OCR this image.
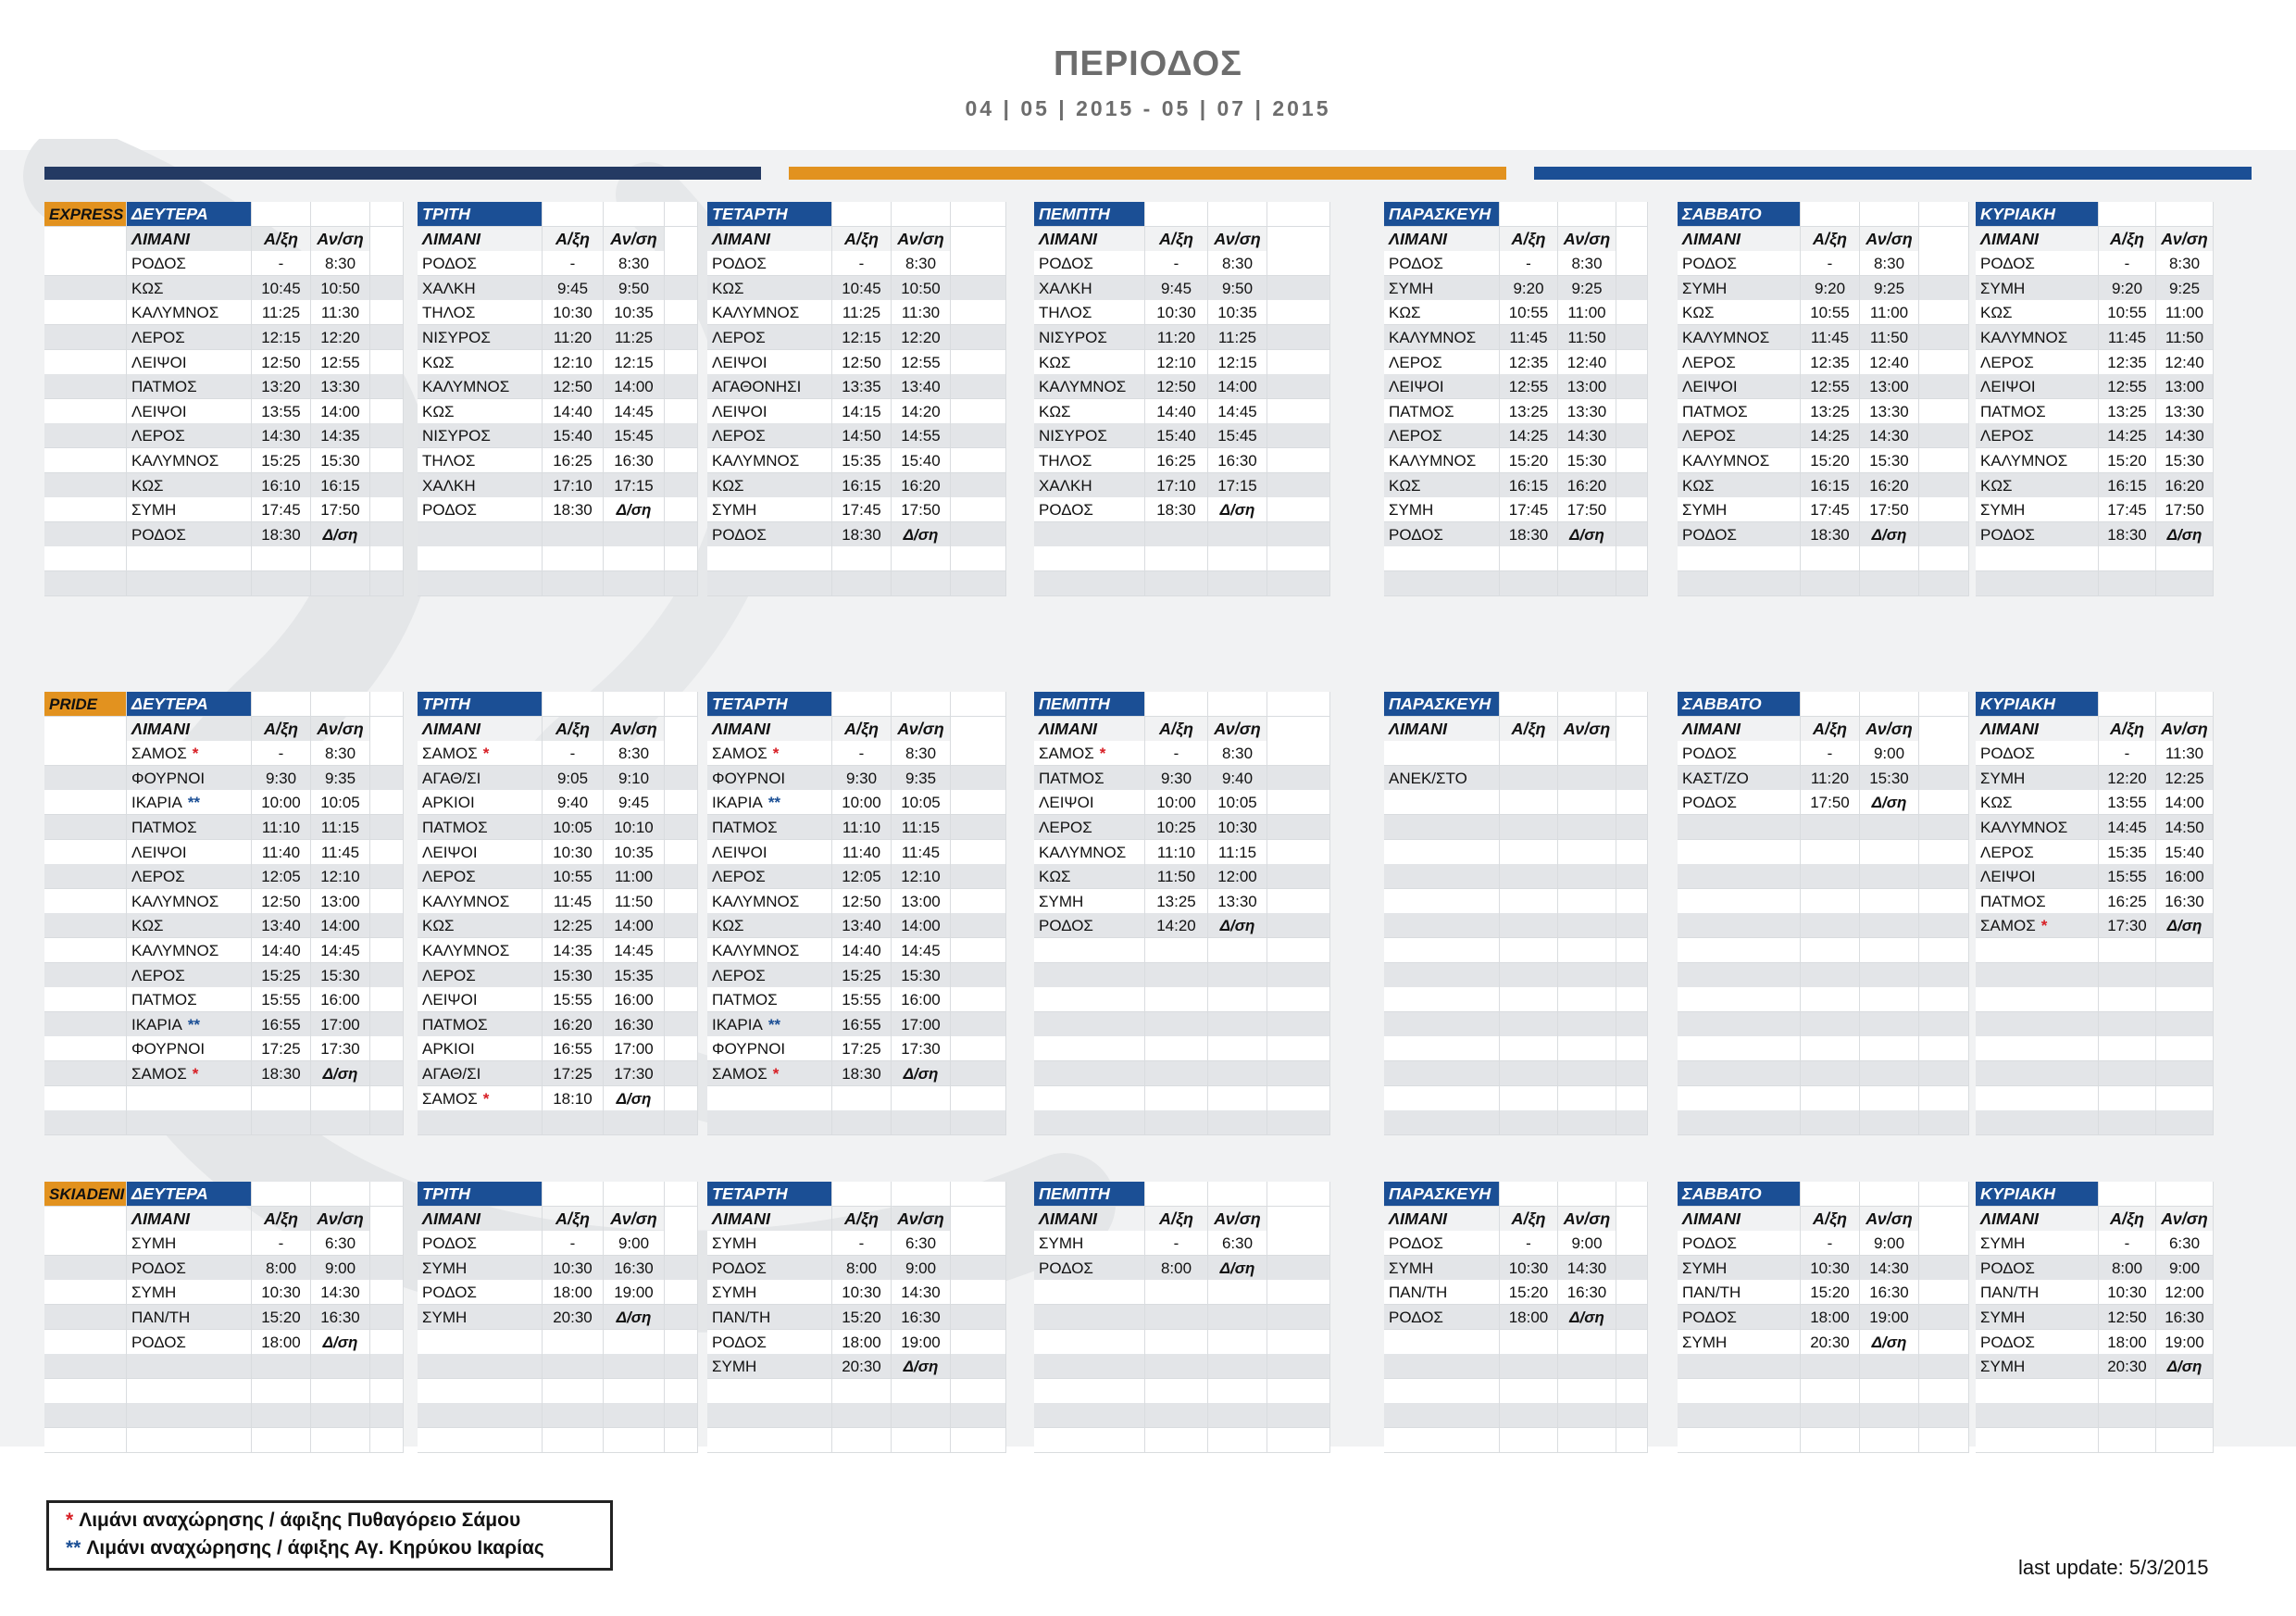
ΠΕΡΙΟΔΟΣ
04 | 05 | 2015 - 05 | 07 | 2015
EXPRESS ΔΕΥΤΕΡΑ
ΛΙΜΑΝΙ	Α/ξη	Αν/ση
ΡΟΔΟΣ	-	8:30
ΚΩΣ	10:45	10:50
ΚΑΛΥΜΝΟΣ	11:25	11:30
ΛΕΡΟΣ	12:15	12:20
ΛΕΙΨΟΙ	12:50	12:55
ΠΑΤΜΟΣ	13:20	13:30
ΛΕΙΨΟΙ	13:55	14:00
ΛΕΡΟΣ	14:30	14:35
ΚΑΛΥΜΝΟΣ	15:25	15:30
ΚΩΣ	16:10	16:15
ΣΥΜΗ	17:45	17:50
ΡΟΔΟΣ	18:30	Δ/ση
ΤΡΙΤΗ
ΛΙΜΑΝΙ	Α/ξη	Αν/ση
ΡΟΔΟΣ	-	8:30
ΧΑΛΚΗ	9:45	9:50
ΤΗΛΟΣ	10:30	10:35
ΝΙΣΥΡΟΣ	11:20	11:25
ΚΩΣ	12:10	12:15
ΚΑΛΥΜΝΟΣ	12:50	14:00
ΚΩΣ	14:40	14:45
ΝΙΣΥΡΟΣ	15:40	15:45
ΤΗΛΟΣ	16:25	16:30
ΧΑΛΚΗ	17:10	17:15
ΡΟΔΟΣ	18:30	Δ/ση
ΤΕΤΑΡΤΗ
ΛΙΜΑΝΙ	Α/ξη	Αν/ση
ΡΟΔΟΣ	-	8:30
ΚΩΣ	10:45	10:50
ΚΑΛΥΜΝΟΣ	11:25	11:30
ΛΕΡΟΣ	12:15	12:20
ΛΕΙΨΟΙ	12:50	12:55
ΑΓΑΘΟΝΗΣΙ	13:35	13:40
ΛΕΙΨΟΙ	14:15	14:20
ΛΕΡΟΣ	14:50	14:55
ΚΑΛΥΜΝΟΣ	15:35	15:40
ΚΩΣ	16:15	16:20
ΣΥΜΗ	17:45	17:50
ΡΟΔΟΣ	18:30	Δ/ση
ΠΕΜΠΤΗ
ΛΙΜΑΝΙ	Α/ξη	Αν/ση
ΡΟΔΟΣ	-	8:30
ΧΑΛΚΗ	9:45	9:50
ΤΗΛΟΣ	10:30	10:35
ΝΙΣΥΡΟΣ	11:20	11:25
ΚΩΣ	12:10	12:15
ΚΑΛΥΜΝΟΣ	12:50	14:00
ΚΩΣ	14:40	14:45
ΝΙΣΥΡΟΣ	15:40	15:45
ΤΗΛΟΣ	16:25	16:30
ΧΑΛΚΗ	17:10	17:15
ΡΟΔΟΣ	18:30	Δ/ση
ΠΑΡΑΣΚΕΥΗ
ΛΙΜΑΝΙ	Α/ξη	Αν/ση
ΡΟΔΟΣ	-	8:30
ΣΥΜΗ	9:20	9:25
ΚΩΣ	10:55	11:00
ΚΑΛΥΜΝΟΣ	11:45	11:50
ΛΕΡΟΣ	12:35	12:40
ΛΕΙΨΟΙ	12:55	13:00
ΠΑΤΜΟΣ	13:25	13:30
ΛΕΡΟΣ	14:25	14:30
ΚΑΛΥΜΝΟΣ	15:20	15:30
ΚΩΣ	16:15	16:20
ΣΥΜΗ	17:45	17:50
ΡΟΔΟΣ	18:30	Δ/ση
ΣΑΒΒΑΤΟ
ΛΙΜΑΝΙ	Α/ξη	Αν/ση
ΡΟΔΟΣ	-	8:30
ΣΥΜΗ	9:20	9:25
ΚΩΣ	10:55	11:00
ΚΑΛΥΜΝΟΣ	11:45	11:50
ΛΕΡΟΣ	12:35	12:40
ΛΕΙΨΟΙ	12:55	13:00
ΠΑΤΜΟΣ	13:25	13:30
ΛΕΡΟΣ	14:25	14:30
ΚΑΛΥΜΝΟΣ	15:20	15:30
ΚΩΣ	16:15	16:20
ΣΥΜΗ	17:45	17:50
ΡΟΔΟΣ	18:30	Δ/ση
ΚΥΡΙΑΚΗ
ΛΙΜΑΝΙ	Α/ξη	Αν/ση
ΡΟΔΟΣ	-	8:30
ΣΥΜΗ	9:20	9:25
ΚΩΣ	10:55	11:00
ΚΑΛΥΜΝΟΣ	11:45	11:50
ΛΕΡΟΣ	12:35	12:40
ΛΕΙΨΟΙ	12:55	13:00
ΠΑΤΜΟΣ	13:25	13:30
ΛΕΡΟΣ	14:25	14:30
ΚΑΛΥΜΝΟΣ	15:20	15:30
ΚΩΣ	16:15	16:20
ΣΥΜΗ	17:45	17:50
ΡΟΔΟΣ	18:30	Δ/ση
PRIDE	ΔΕΥΤΕΡΑ
ΛΙΜΑΝΙ	Α/ξη	Αν/ση
ΣΑΜΟΣ *	-	8:30
ΦΟΥΡΝΟΙ	9:30	9:35
ΙΚΑΡΙΑ **	10:00	10:05
ΠΑΤΜΟΣ	11:10	11:15
ΛΕΙΨΟΙ	11:40	11:45
ΛΕΡΟΣ	12:05	12:10
ΚΑΛΥΜΝΟΣ	12:50	13:00
ΚΩΣ	13:40	14:00
ΚΑΛΥΜΝΟΣ	14:40	14:45
ΛΕΡΟΣ	15:25	15:30
ΠΑΤΜΟΣ	15:55	16:00
ΙΚΑΡΙΑ **	16:55	17:00
ΦΟΥΡΝΟΙ	17:25	17:30
ΣΑΜΟΣ *	18:30	Δ/ση
ΤΡΙΤΗ
ΛΙΜΑΝΙ	Α/ξη	Αν/ση
ΣΑΜΟΣ *	-	8:30
ΑΓΑΘ/ΣΙ	9:05	9:10
ΑΡΚΙΟΙ	9:40	9:45
ΠΑΤΜΟΣ	10:05	10:10
ΛΕΙΨΟΙ	10:30	10:35
ΛΕΡΟΣ	10:55	11:00
ΚΑΛΥΜΝΟΣ	11:45	11:50
ΚΩΣ	12:25	14:00
ΚΑΛΥΜΝΟΣ	14:35	14:45
ΛΕΡΟΣ	15:30	15:35
ΛΕΙΨΟΙ	15:55	16:00
ΠΑΤΜΟΣ	16:20	16:30
ΑΡΚΙΟΙ	16:55	17:00
ΑΓΑΘ/ΣΙ	17:25	17:30
ΣΑΜΟΣ *	18:10	Δ/ση
ΤΕΤΑΡΤΗ
ΛΙΜΑΝΙ	Α/ξη	Αν/ση
ΣΑΜΟΣ *	-	8:30
ΦΟΥΡΝΟΙ	9:30	9:35
ΙΚΑΡΙΑ **	10:00	10:05
ΠΑΤΜΟΣ	11:10	11:15
ΛΕΙΨΟΙ	11:40	11:45
ΛΕΡΟΣ	12:05	12:10
ΚΑΛΥΜΝΟΣ	12:50	13:00
ΚΩΣ	13:40	14:00
ΚΑΛΥΜΝΟΣ	14:40	14:45
ΛΕΡΟΣ	15:25	15:30
ΠΑΤΜΟΣ	15:55	16:00
ΙΚΑΡΙΑ **	16:55	17:00
ΦΟΥΡΝΟΙ	17:25	17:30
ΣΑΜΟΣ *	18:30	Δ/ση
ΠΕΜΠΤΗ
ΛΙΜΑΝΙ	Α/ξη	Αν/ση
ΣΑΜΟΣ *	-	8:30
ΠΑΤΜΟΣ	9:30	9:40
ΛΕΙΨΟΙ	10:00	10:05
ΛΕΡΟΣ	10:25	10:30
ΚΑΛΥΜΝΟΣ	11:10	11:15
ΚΩΣ	11:50	12:00
ΣΥΜΗ	13:25	13:30
ΡΟΔΟΣ	14:20	Δ/ση
ΠΑΡΑΣΚΕΥΗ
ΛΙΜΑΝΙ	Α/ξη	Αν/ση
ΑΝΕΚ/ΣΤΟ
ΣΑΒΒΑΤΟ
ΛΙΜΑΝΙ	Α/ξη	Αν/ση
ΡΟΔΟΣ	-	9:00
ΚΑΣΤ/ΖΟ	11:20	15:30
ΡΟΔΟΣ	17:50	Δ/ση
ΚΥΡΙΑΚΗ
ΛΙΜΑΝΙ	Α/ξη	Αν/ση
ΡΟΔΟΣ	-	11:30
ΣΥΜΗ	12:20	12:25
ΚΩΣ	13:55	14:00
ΚΑΛΥΜΝΟΣ	14:45	14:50
ΛΕΡΟΣ	15:35	15:40
ΛΕΙΨΟΙ	15:55	16:00
ΠΑΤΜΟΣ	16:25	16:30
ΣΑΜΟΣ *	17:30	Δ/ση
SKIADENI ΔΕΥΤΕΡΑ
ΛΙΜΑΝΙ	Α/ξη	Αν/ση
ΣΥΜΗ	-	6:30
ΡΟΔΟΣ	8:00	9:00
ΣΥΜΗ	10:30	14:30
ΠΑΝ/ΤΗ	15:20	16:30
ΡΟΔΟΣ	18:00	Δ/ση
ΤΡΙΤΗ
ΛΙΜΑΝΙ	Α/ξη	Αν/ση
ΡΟΔΟΣ	-	9:00
ΣΥΜΗ	10:30	16:30
ΡΟΔΟΣ	18:00	19:00
ΣΥΜΗ	20:30	Δ/ση
ΤΕΤΑΡΤΗ
ΛΙΜΑΝΙ	Α/ξη	Αν/ση
ΣΥΜΗ	-	6:30
ΡΟΔΟΣ	8:00	9:00
ΣΥΜΗ	10:30	14:30
ΠΑΝ/ΤΗ	15:20	16:30
ΡΟΔΟΣ	18:00	19:00
ΣΥΜΗ	20:30	Δ/ση
ΠΕΜΠΤΗ
ΛΙΜΑΝΙ	Α/ξη	Αν/ση
ΣΥΜΗ	-	6:30
ΡΟΔΟΣ	8:00	Δ/ση
ΠΑΡΑΣΚΕΥΗ
ΛΙΜΑΝΙ	Α/ξη	Αν/ση
ΡΟΔΟΣ	-	9:00
ΣΥΜΗ	10:30	14:30
ΠΑΝ/ΤΗ	15:20	16:30
ΡΟΔΟΣ	18:00	Δ/ση
ΣΑΒΒΑΤΟ
ΛΙΜΑΝΙ	Α/ξη	Αν/ση
ΡΟΔΟΣ	-	9:00
ΣΥΜΗ	10:30	14:30
ΠΑΝ/ΤΗ	15:20	16:30
ΡΟΔΟΣ	18:00	19:00
ΣΥΜΗ	20:30	Δ/ση
ΚΥΡΙΑΚΗ
ΛΙΜΑΝΙ	Α/ξη	Αν/ση
ΣΥΜΗ	-	6:30
ΡΟΔΟΣ	8:00	9:00
ΠΑΝ/ΤΗ	10:30	12:00
ΣΥΜΗ	12:50	16:30
ΡΟΔΟΣ	18:00	19:00
ΣΥΜΗ	20:30	Δ/ση
* Λιμάνι αναχώρησης / άφιξης Πυθαγόρειο Σάμου
** Λιμάνι αναχώρησης / άφιξης Αγ. Κηρύκου Ικαρίας
last update: 5/3/2015
